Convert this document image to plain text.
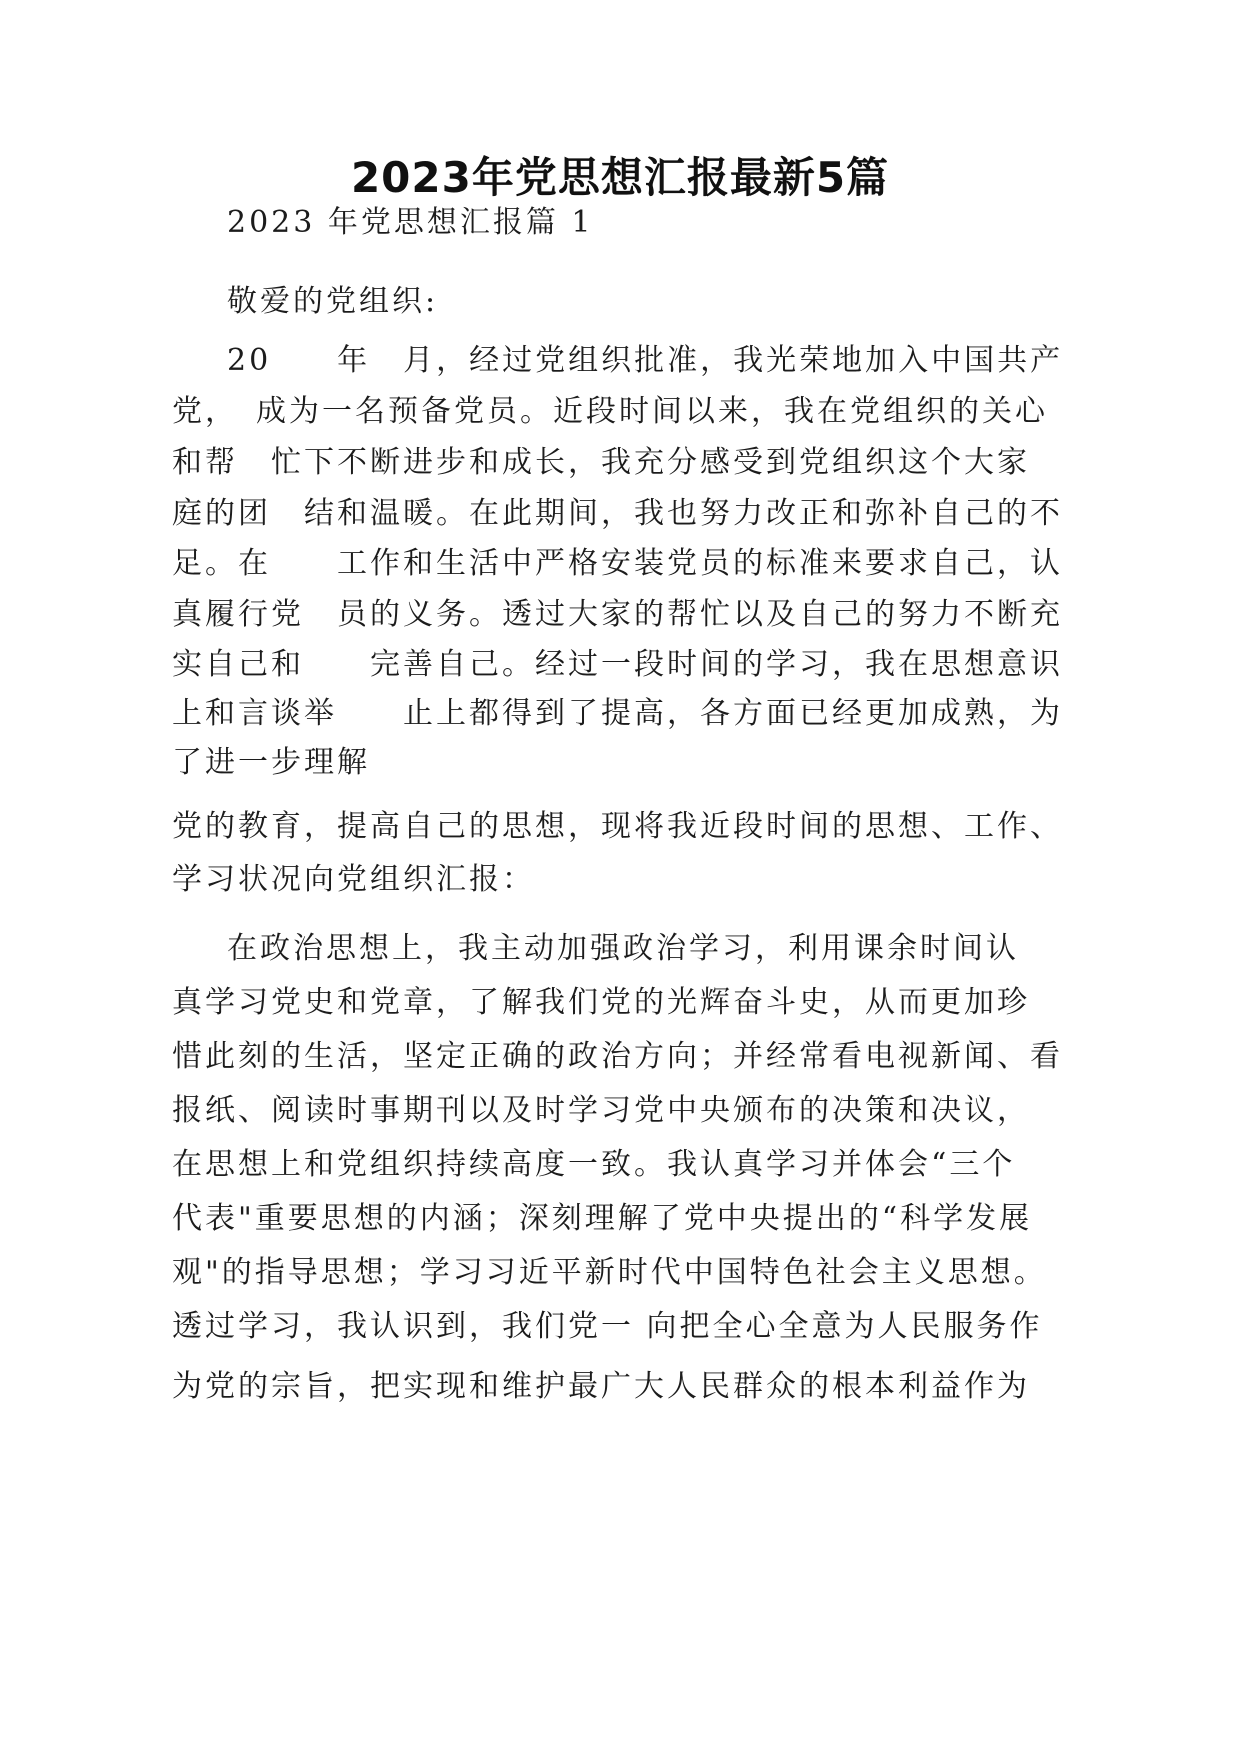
2023年党思想汇报最新5篇
2023 年党思想汇报篇 1
敬爱的党组织:
20　　年　月，经过党组织批准，我光荣地加入中国共产
党，　成为一名预备党员。近段时间以来，我在党组织的关心
和帮　忙下不断进步和成长，我充分感受到党组织这个大家
庭的团　结和温暖。在此期间，我也努力改正和弥补自己的不
足。在　　工作和生活中严格安装党员的标准来要求自己，认
真履行党　员的义务。透过大家的帮忙以及自己的努力不断充
实自己和　　完善自己。经过一段时间的学习，我在思想意识
上和言谈举　　止上都得到了提高，各方面已经更加成熟，为
了进一步理解
党的教育，提高自己的思想，现将我近段时间的思想、工作、
学习状况向党组织汇报：
在政治思想上，我主动加强政治学习，利用课余时间认
真学习党史和党章，了解我们党的光辉奋斗史，从而更加珍
惜此刻的生活，坚定正确的政治方向；并经常看电视新闻、看
报纸、阅读时事期刊以及时学习党中央颁布的决策和决议，
在思想上和党组织持续高度一致。我认真学习并体会“三个
代表"重要思想的内涵；深刻理解了党中央提出的“科学发展
观"的指导思想；学习习近平新时代中国特色社会主义思想。
透过学习，我认识到，我们党一 向把全心全意为人民服务作
为党的宗旨，把实现和维护最广大人民群众的根本利益作为
